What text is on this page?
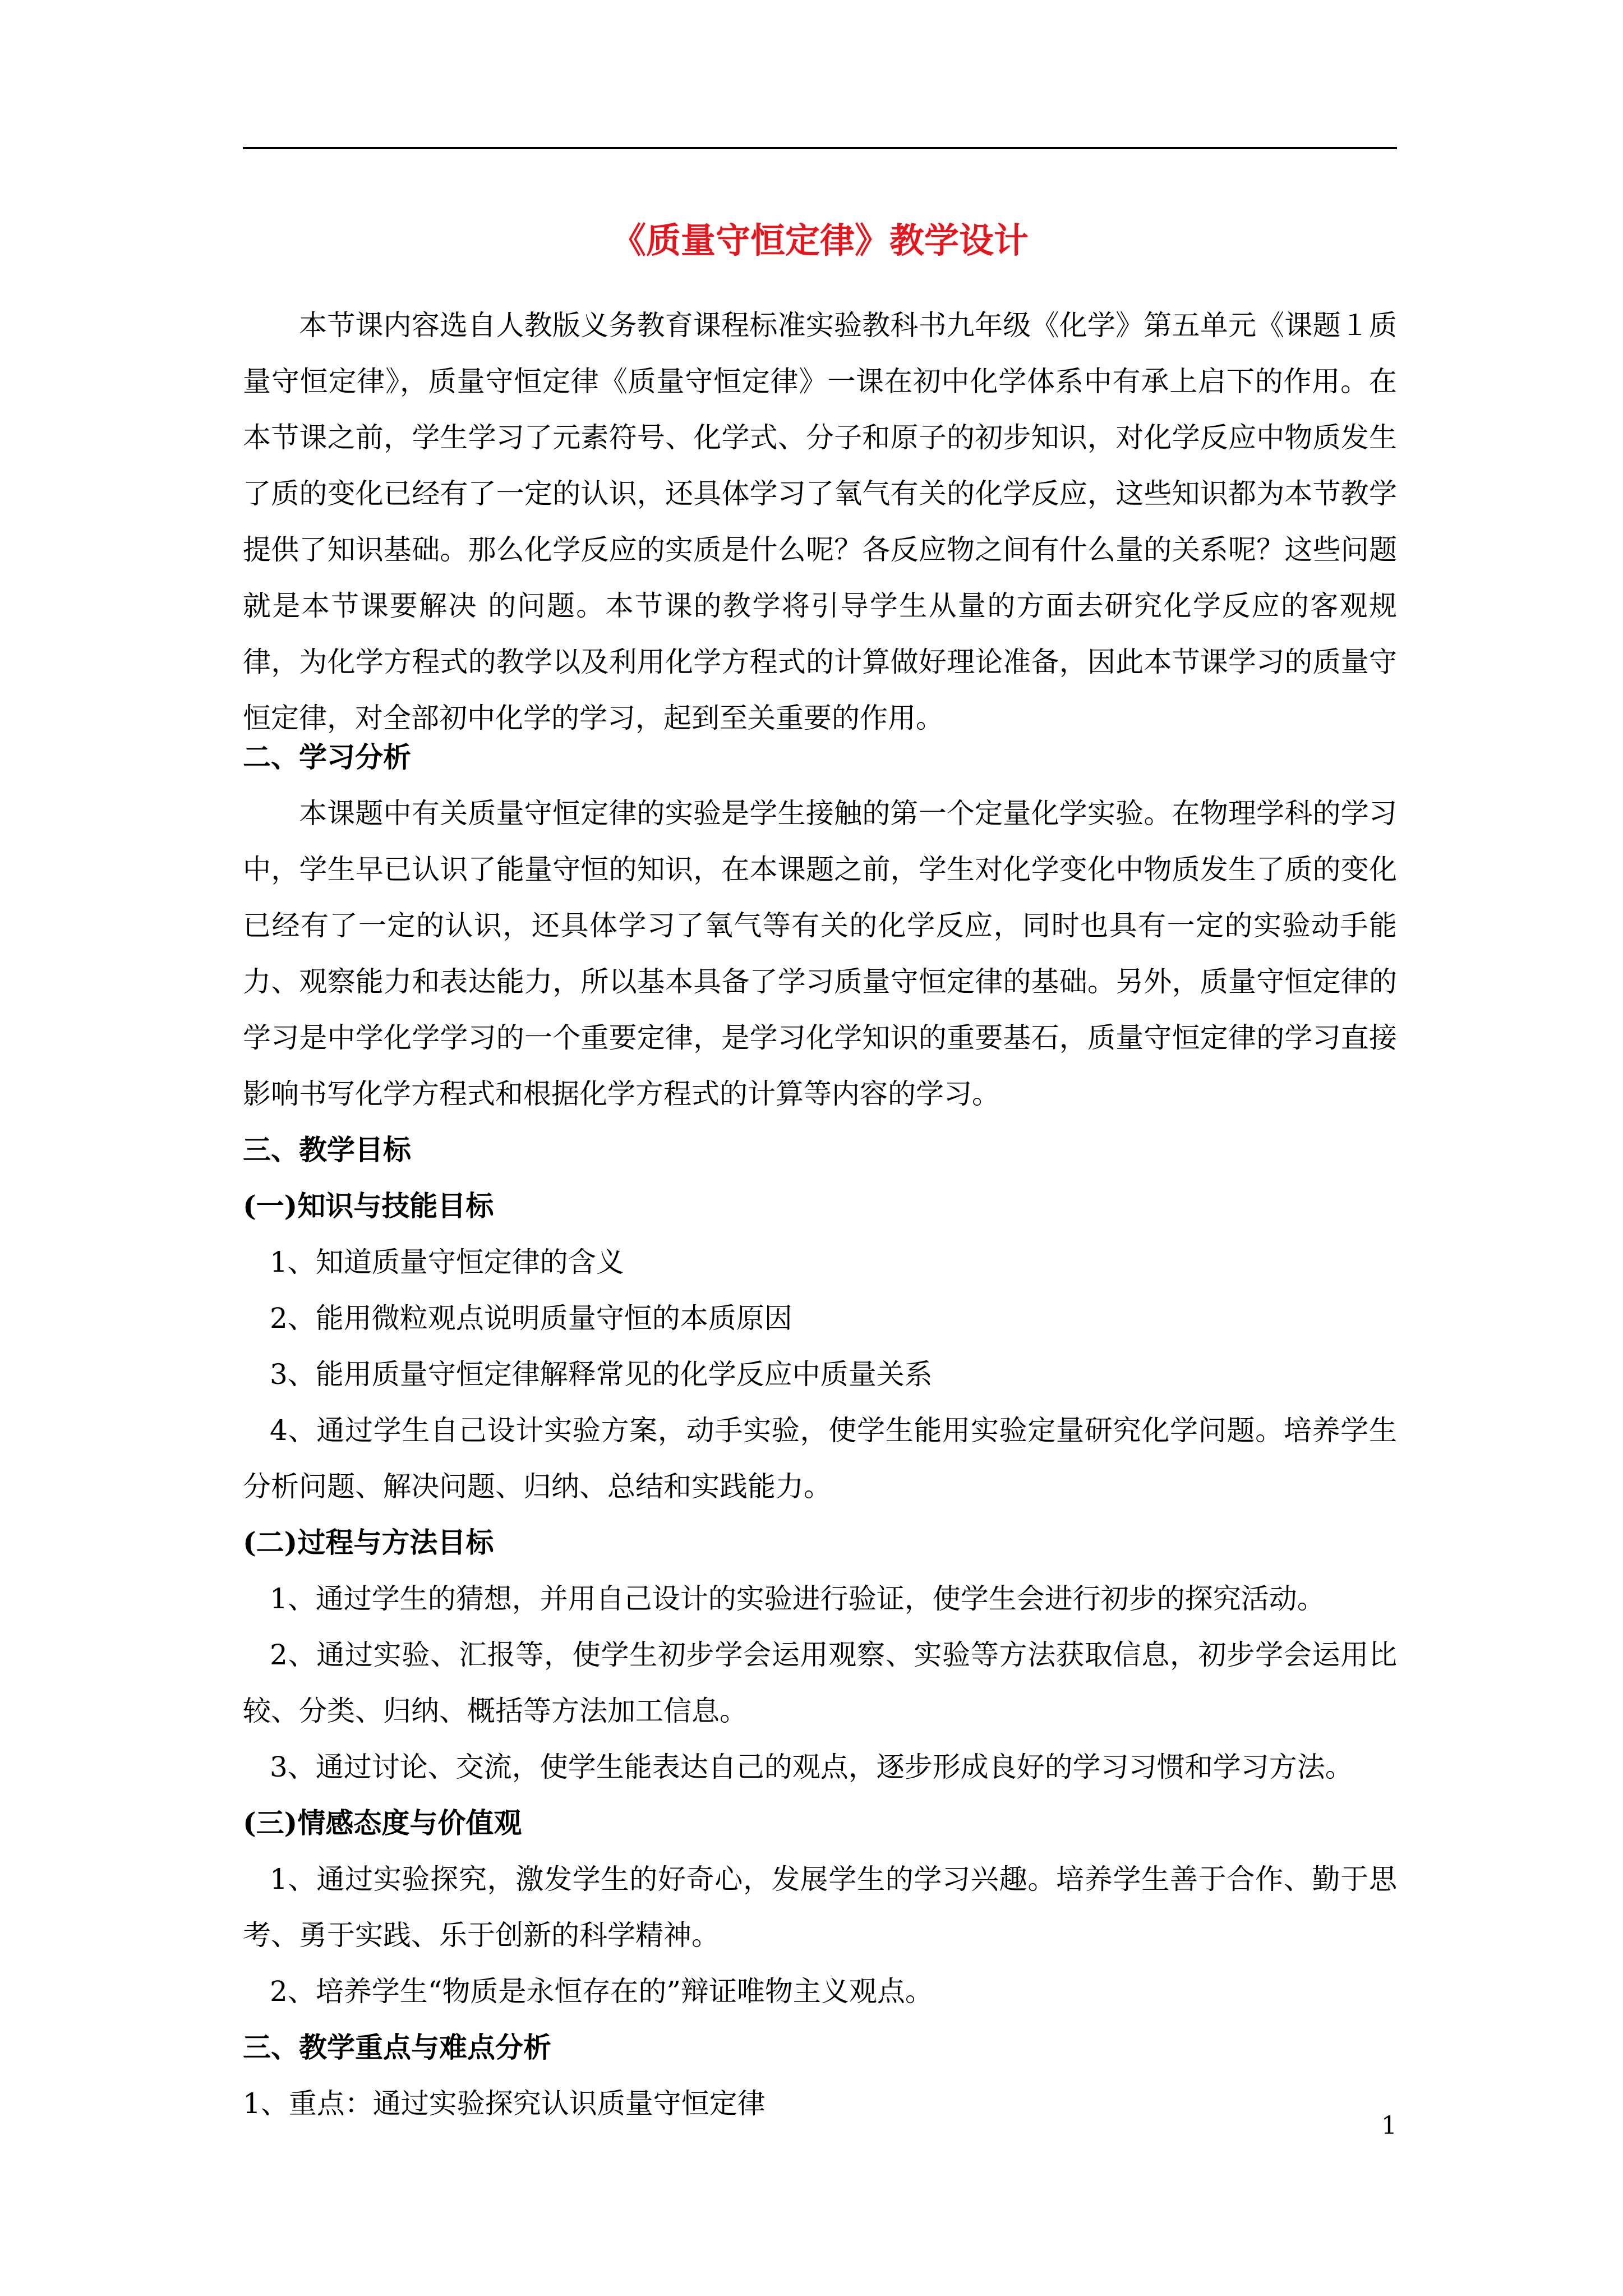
《质量守恒定律》教学设计

本节课内容选自人教版义务教育课程标准实验教科书九年级《化学》第五单元《课题１质量守恒定律》，质量守恒定律《质量守恒定律》一课在初中化学体系中有承上启下的作用。在本节课之前，学生学习了元素符号、化学式、分子和原子的初步知识，对化学反应中物质发生了质的变化已经有了一定的认识，还具体学习了氧气有关的化学反应，这些知识都为本节教学提供了知识基础。那么化学反应的实质是什么呢？各反应物之间有什么量的关系呢？这些问题就是本节课要解决 的问题。本节课的教学将引导学生从量的方面去研究化学反应的客观规律，为化学方程式的教学以及利用化学方程式的计算做好理论准备，因此本节课学习的质量守恒定律，对全部初中化学的学习，起到至关重要的作用。

二、学习分析

本课题中有关质量守恒定律的实验是学生接触的第一个定量化学实验。在物理学科的学习中，学生早已认识了能量守恒的知识，在本课题之前，学生对化学变化中物质发生了质的变化已经有了一定的认识，还具体学习了氧气等有关的化学反应，同时也具有一定的实验动手能力、观察能力和表达能力，所以基本具备了学习质量守恒定律的基础。另外，质量守恒定律的学习是中学化学学习的一个重要定律，是学习化学知识的重要基石，质量守恒定律的学习直接影响书写化学方程式和根据化学方程式的计算等内容的学习。

三、教学目标

(一)知识与技能目标

1、知道质量守恒定律的含义

2、能用微粒观点说明质量守恒的本质原因

3、能用质量守恒定律解释常见的化学反应中质量关系

4、通过学生自己设计实验方案，动手实验，使学生能用实验定量研究化学问题。培养学生分析问题、解决问题、归纳、总结和实践能力。

(二)过程与方法目标

1、通过学生的猜想，并用自己设计的实验进行验证，使学生会进行初步的探究活动。

2、通过实验、汇报等，使学生初步学会运用观察、实验等方法获取信息，初步学会运用比较、分类、归纳、概括等方法加工信息。

3、通过讨论、交流，使学生能表达自己的观点，逐步形成良好的学习习惯和学习方法。

(三)情感态度与价值观

1、通过实验探究，激发学生的好奇心，发展学生的学习兴趣。培养学生善于合作、勤于思考、勇于实践、乐于创新的科学精神。

2、培养学生“物质是永恒存在的”辩证唯物主义观点。

三、教学重点与难点分析

1、重点：通过实验探究认识质量守恒定律

1
